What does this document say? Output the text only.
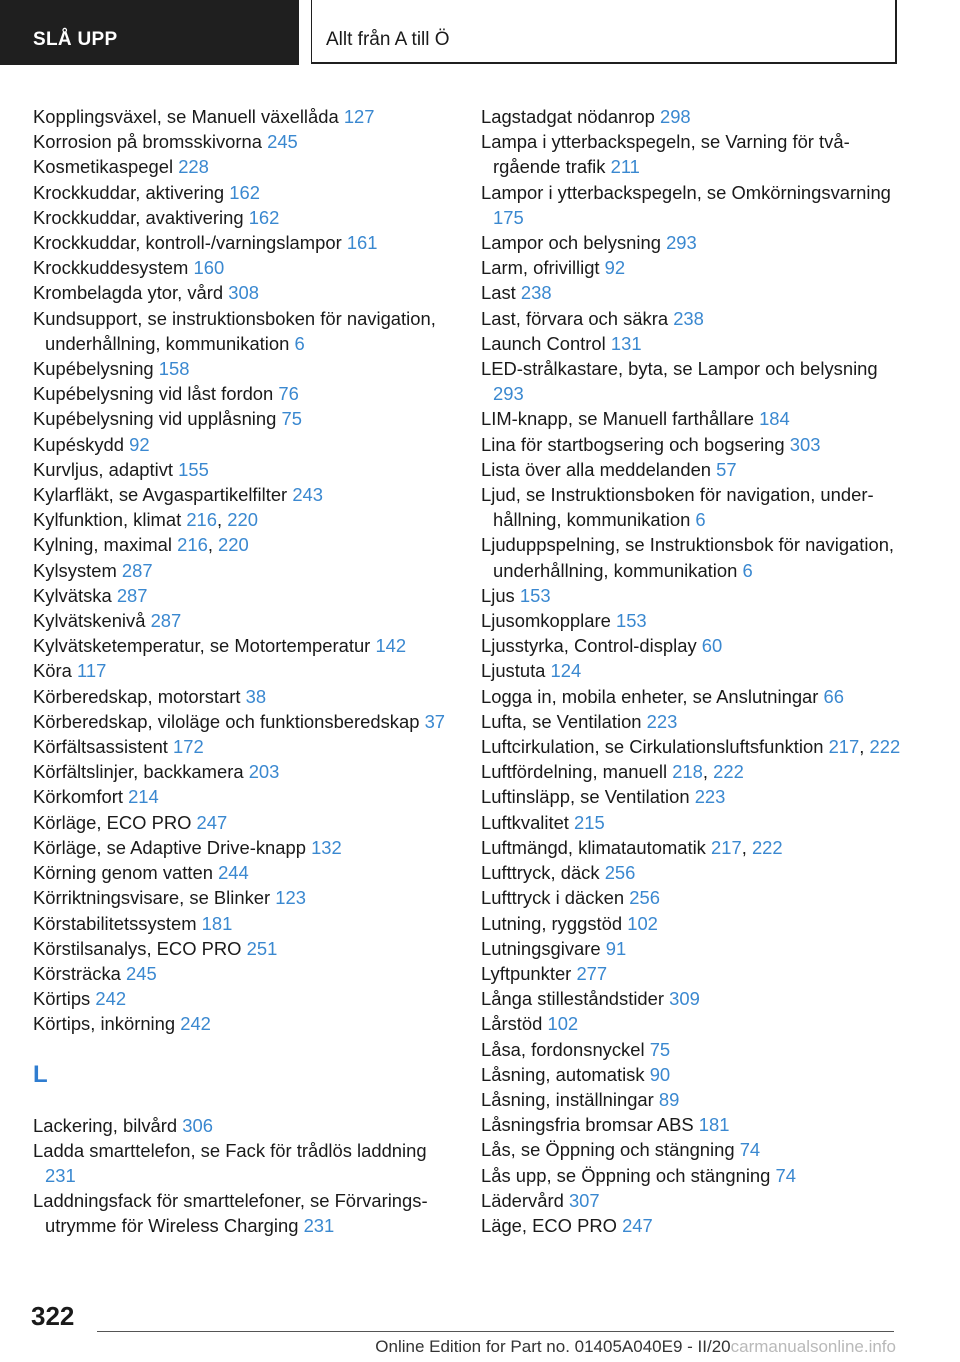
SLÅ UPP	Allt från A till Ö

Kopplingsväxel, se Manuell växellåda 127

Korrosion på bromsskivorna 245

Kosmetikaspegel 228

Krockkuddar, aktivering 162

Krockkuddar, avaktivering 162

Krockkuddar, kontroll-/varningslampor 161

Krockkuddesystem 160

Krombelagda ytor, vård 308

Kundsupport, se instruktionsboken för navigation, underhållning, kommunikation 6

Kupébelysning 158

Kupébelysning vid låst fordon 76

Kupébelysning vid upplåsning 75

Kupéskydd 92

Kurvljus, adaptivt 155

Kylarfläkt, se Avgaspartikelfilter 243

Kylfunktion, klimat 216, 220

Kylning, maximal 216, 220

Kylsystem 287

Kylvätska 287

Kylvätskenivå 287

Kylvätsketemperatur, se Motortemperatur 142

Köra 117

Körberedskap, motorstart 38

Körberedskap, viloläge och funktionsberedskap 37

Körfältsassistent 172

Körfältslinjer, backkamera 203

Körkomfort 214

Körläge, ECO PRO 247

Körläge, se Adaptive Drive-knapp 132

Körning genom vatten 244

Körriktningsvisare, se Blinker 123

Körstabilitetssystem 181

Körstilsanalys, ECO PRO 251

Körsträcka 245

Körtips 242

Körtips, inkörning 242

L

Lackering, bilvård 306

Ladda smarttelefon, se Fack för trådlös laddning 231

Laddningsfack för smarttelefoner, se Förvaringsutrymme för Wireless Charging 231

Lagstadgat nödanrop 298

Lampa i ytterbackspegeln, se Varning för tvårgående trafik 211

Lampor i ytterbackspegeln, se Omkörningsvarning 175

Lampor och belysning 293

Larm, ofrivilligt 92

Last 238

Last, förvara och säkra 238

Launch Control 131

LED-strålkastare, byta, se Lampor och belysning 293

LIM-knapp, se Manuell farthållare 184

Lina för startbogsering och bogsering 303

Lista över alla meddelanden 57

Ljud, se Instruktionsboken för navigation, underhållning, kommunikation 6

Ljuduppspelning, se Instruktionsbok för navigation, underhållning, kommunikation 6

Ljus 153

Ljusomkopplare 153

Ljusstyrka, Control-display 60

Ljustuta 124

Logga in, mobila enheter, se Anslutningar 66

Lufta, se Ventilation 223

Luftcirkulation, se Cirkulationsluftsfunktion 217, 222

Luftfördelning, manuell 218, 222

Luftinsläpp, se Ventilation 223

Luftkvalitet 215

Luftmängd, klimatautomatik 217, 222

Lufttryck, däck 256

Lufttryck i däcken 256

Lutning, ryggstöd 102

Lutningsgivare 91

Lyftpunkter 277

Långa stilleståndstider 309

Lårstöd 102

Låsa, fordonsnyckel 75

Låsning, automatisk 90

Låsning, inställningar 89

Låsningsfria bromsar ABS 181

Lås, se Öppning och stängning 74

Lås upp, se Öppning och stängning 74

Lädervård 307

Läge, ECO PRO 247

322
Online Edition for Part no. 01405A040E9 - II/20carmanualsonline.info
